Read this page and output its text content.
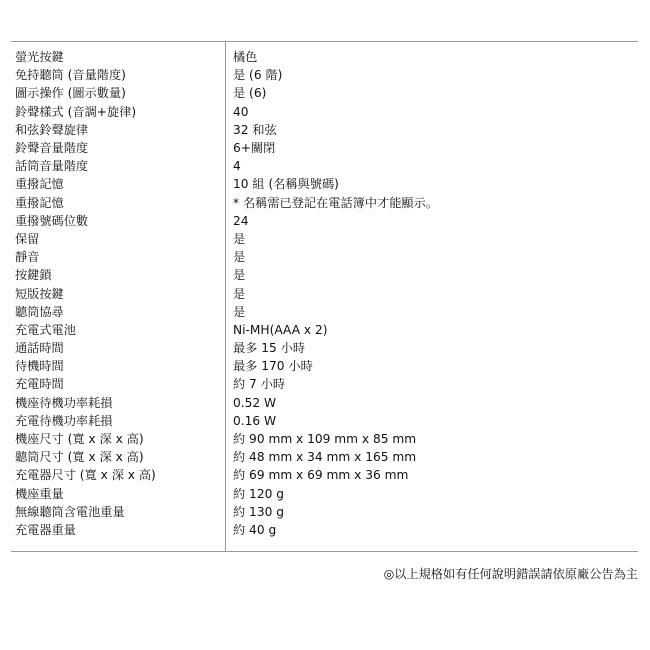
螢光按鍵	橘色
免持聽筒 (音量階度)	是 (6 階)
圖示操作 (圖示數量)	是 (6)
鈴聲樣式 (音調+旋律)	40
和弦鈴聲旋律	32 和弦
鈴聲音量階度	6+關閉
話筒音量階度	4
重撥記憶	10 組 (名稱與號碼)
重撥記憶	* 名稱需已登記在電話簿中才能顯示。
重撥號碼位數	24
保留	是
靜音	是
按鍵鎖	是
短版按鍵	是
聽筒協尋	是
充電式電池	Ni-MH(AAA x 2)
通話時間	最多 15 小時
待機時間	最多 170 小時
充電時間	約 7 小時
機座待機功率耗損	0.52 W
充電待機功率耗損	0.16 W
機座尺寸 (寬 x 深 x 高)	約 90 mm x 109 mm x 85 mm
聽筒尺寸 (寬 x 深 x 高)	約 48 mm x 34 mm x 165 mm
充電器尺寸 (寬 x 深 x 高)	約 69 mm x 69 mm x 36 mm
機座重量	約 120 g
無線聽筒含電池重量	約 130 g
充電器重量	約 40 g

◎以上規格如有任何說明錯誤請依原廠公告為主
